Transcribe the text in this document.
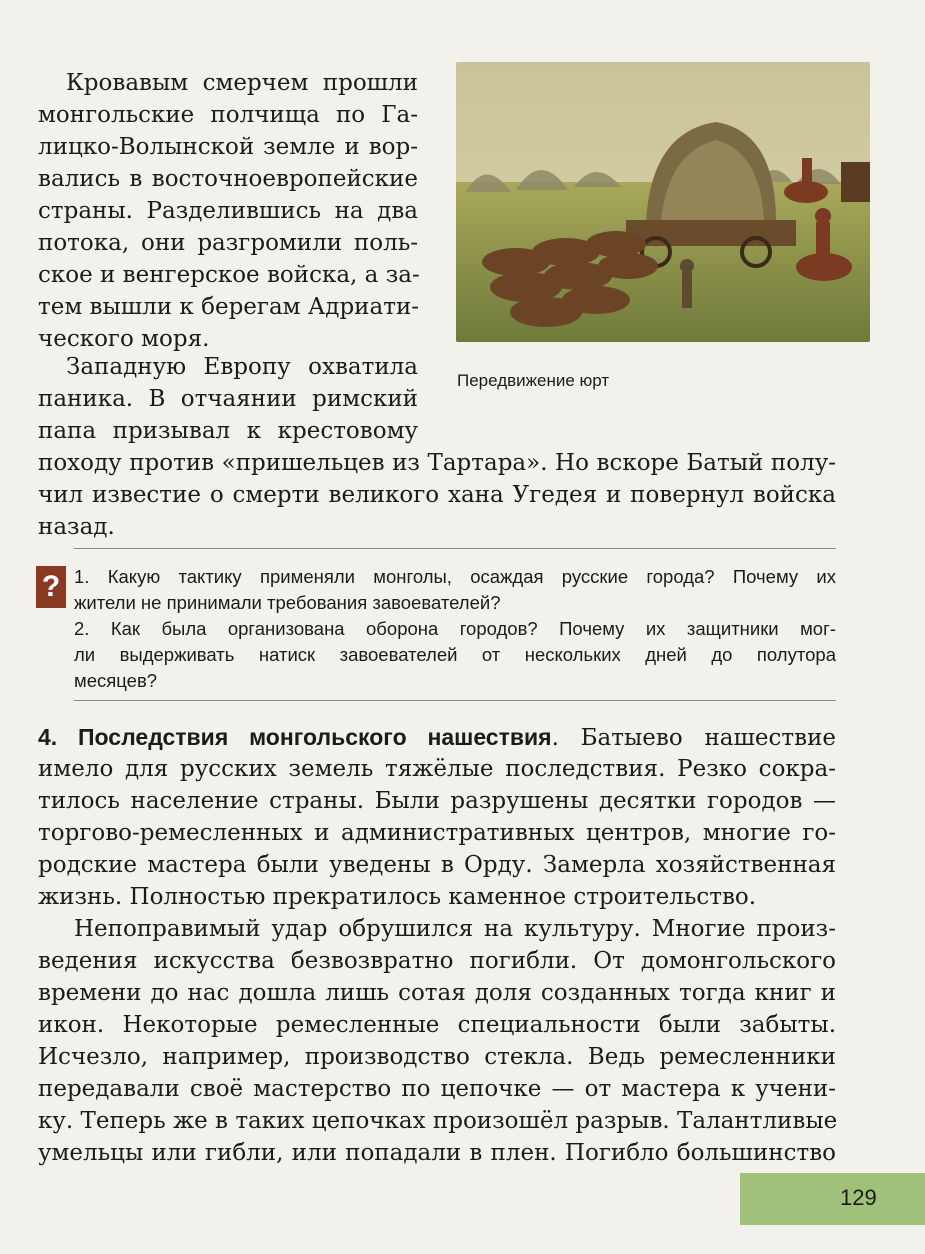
Кровавым смерчем прошли
монгольские полчища по Га-
лицко-Волынской земле и вор-
вались в восточноевропейские
страны. Разделившись на два
потока, они разгромили поль-
ское и венгерское войска, а за-
тем вышли к берегам Адриати-
ческого моря.
Западную Европу охватила
паника. В отчаянии римский
папа призывал к крестовому
походу против «пришельцев из Тартара». Но вскоре Батый полу-
чил известие о смерти великого хана Угедея и повернул войска
назад.
Передвижение юрт
? 1. Какую тактику применяли монголы, осаждая русские города? Почему их
жители не принимали требования завоевателей?
2. Как была организована оборона городов? Почему их защитники мог-
ли выдерживать натиск завоевателей от нескольких дней до полутора
месяцев?
4. Последствия монгольского нашествия. Батыево нашествие
имело для русских земель тяжёлые последствия. Резко сокра-
тилось население страны. Были разрушены десятки городов —
торгово-ремесленных и административных центров, многие го-
родские мастера были уведены в Орду. Замерла хозяйственная
жизнь. Полностью прекратилось каменное строительство.
Непоправимый удар обрушился на культуру. Многие произ-
ведения искусства безвозвратно погибли. От домонгольского
времени до нас дошла лишь сотая доля созданных тогда книг и
икон. Некоторые ремесленные специальности были забыты.
Исчезло, например, производство стекла. Ведь ремесленники
передавали своё мастерство по цепочке — от мастера к учени-
ку. Теперь же в таких цепочках произошёл разрыв. Талантливые
умельцы или гибли, или попадали в плен. Погибло большинство
129
